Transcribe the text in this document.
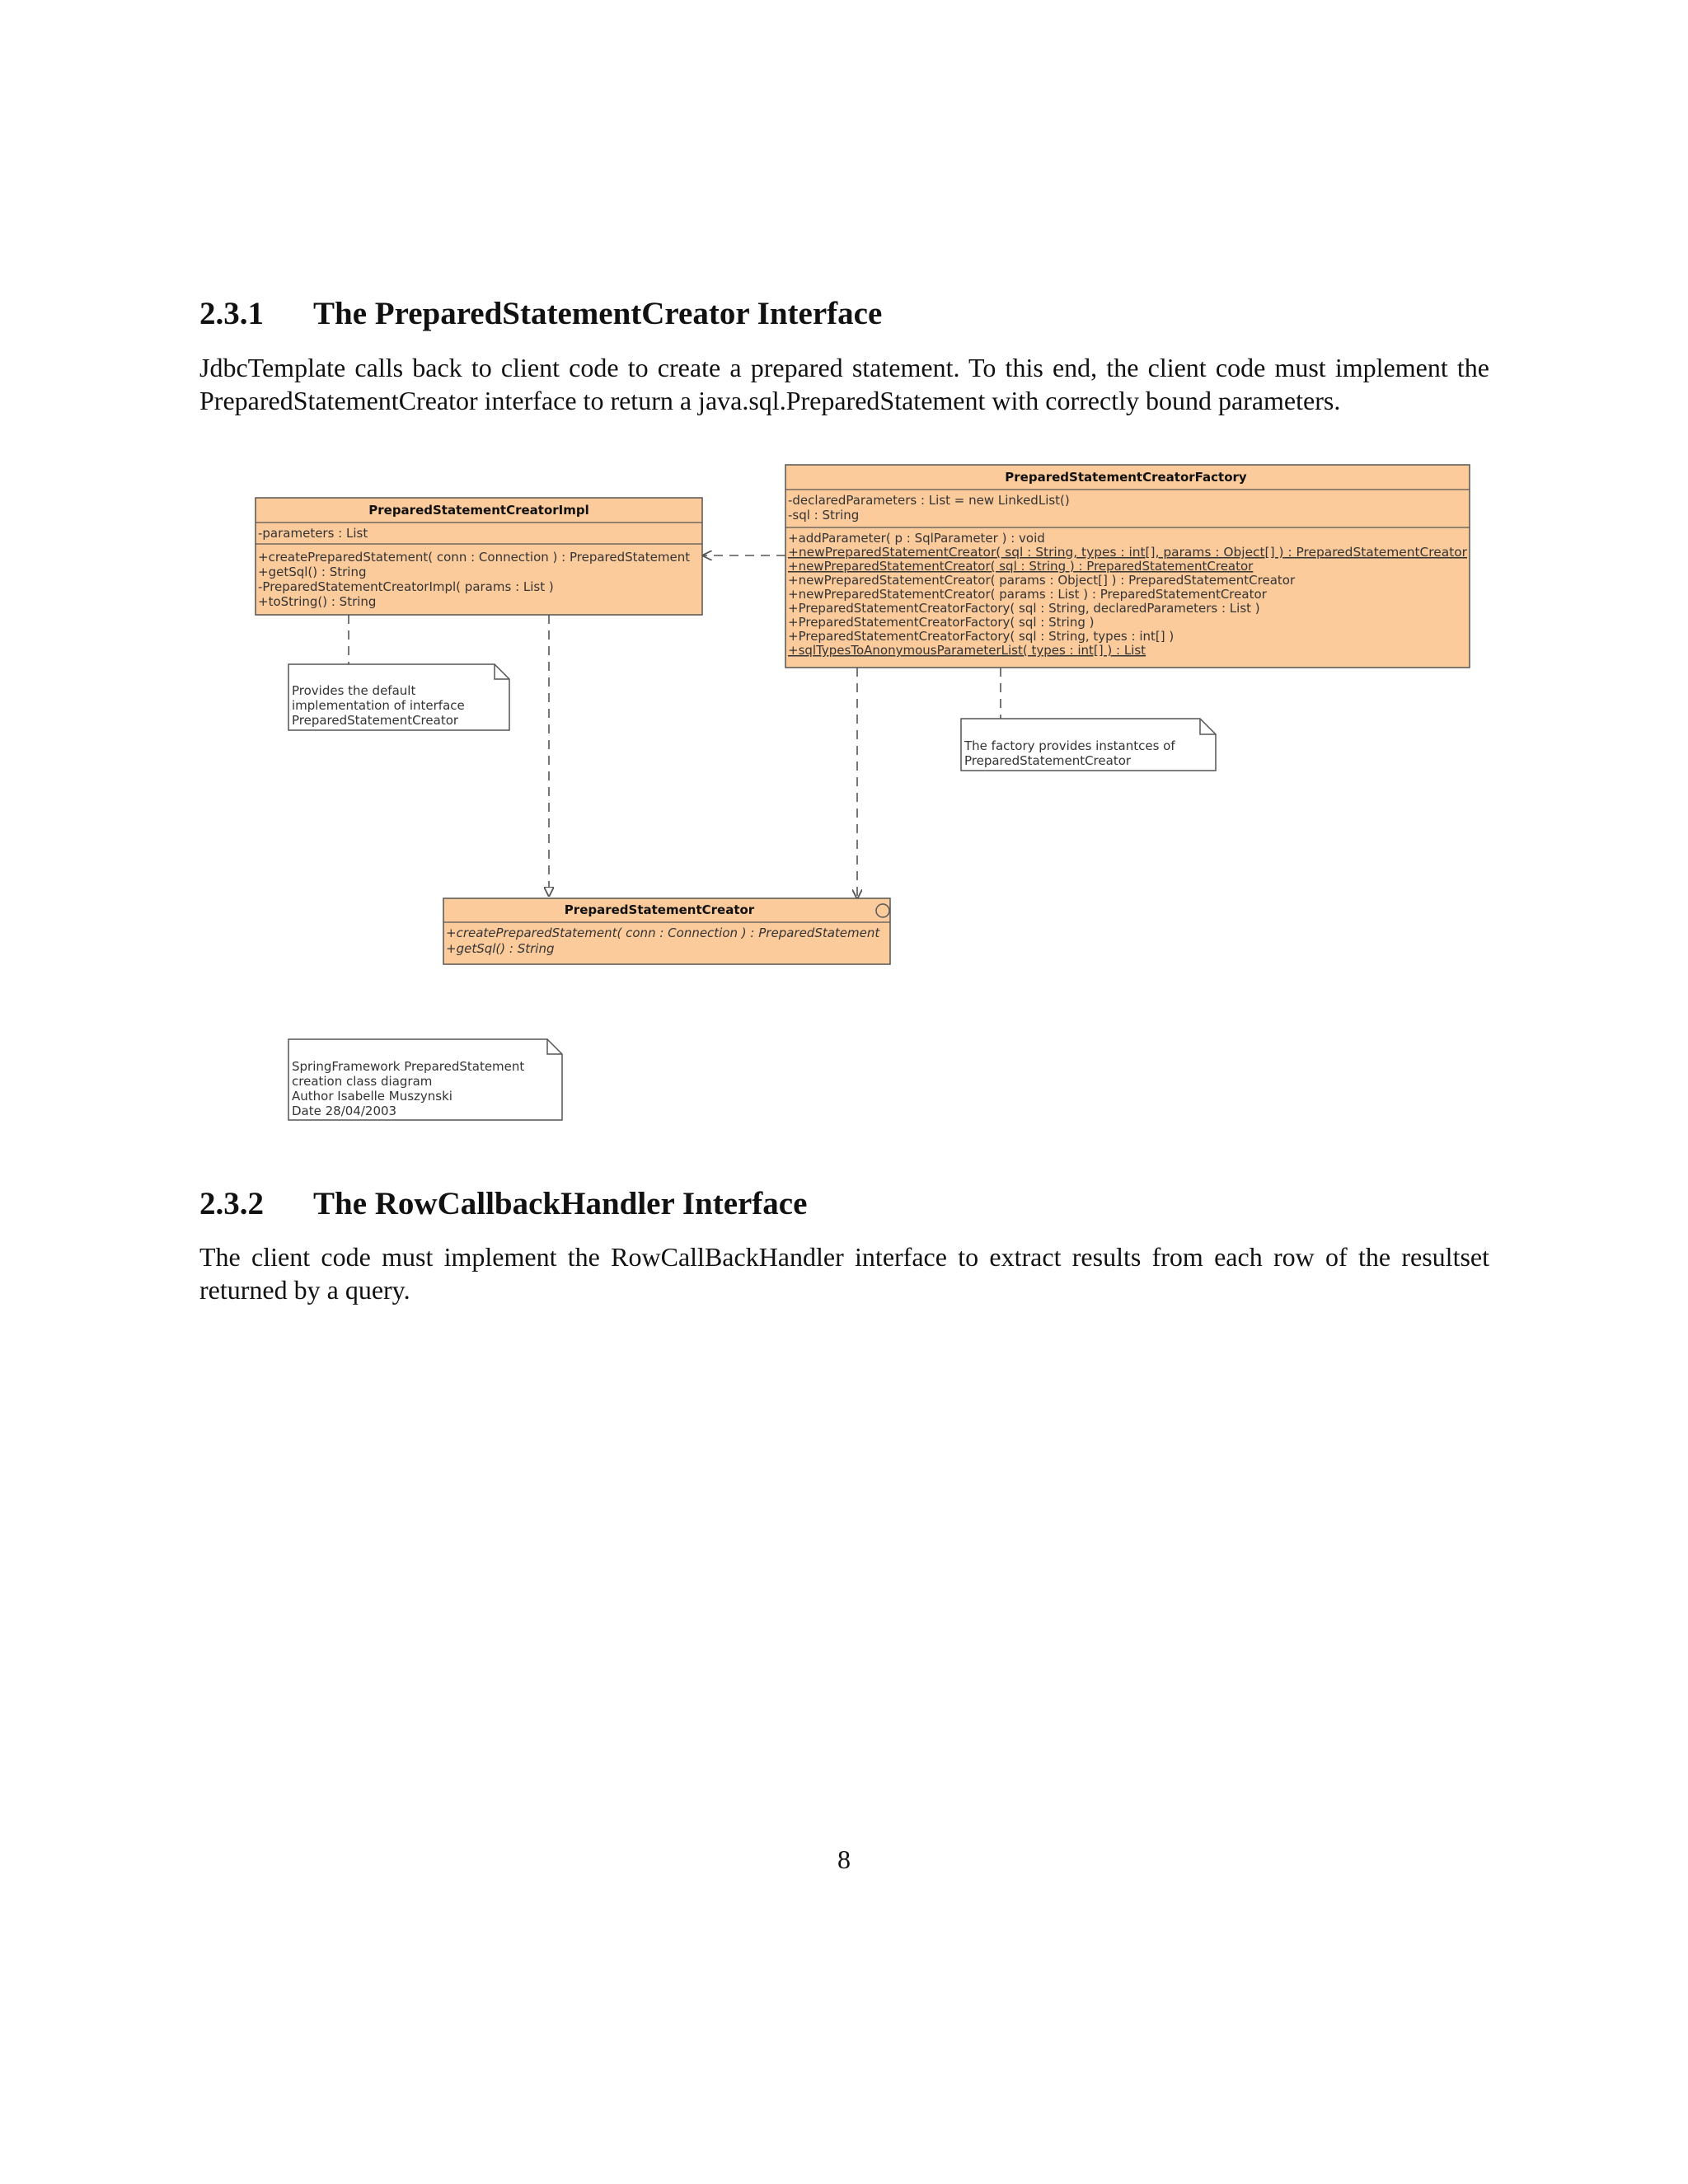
2.3.1 The PreparedStatementCreator Interface

JdbcTemplate calls back to client code to create a prepared statement. To this end, the client code must implement the PreparedStatementCreator interface to return a java.sql.PreparedStatement with correctly bound parameters.

PreparedStatementCreatorImpl
-parameters : List
+createPreparedStatement( conn : Connection ) : PreparedStatement
+getSql() : String
-PreparedStatementCreatorImpl( params : List )
+toString() : String
PreparedStatementCreatorFactory
-declaredParameters : List = new LinkedList()
-sql : String
+addParameter( p : SqlParameter ) : void
+newPreparedStatementCreator( sql : String, types : int[], params : Object[] ) : PreparedStatementCreator
+newPreparedStatementCreator( sql : String ) : PreparedStatementCreator
+newPreparedStatementCreator( params : Object[] ) : PreparedStatementCreator
+newPreparedStatementCreator( params : List ) : PreparedStatementCreator
+PreparedStatementCreatorFactory( sql : String, declaredParameters : List )
+PreparedStatementCreatorFactory( sql : String )
+PreparedStatementCreatorFactory( sql : String, types : int[] )
+sqlTypesToAnonymousParameterList( types : int[] ) : List
PreparedStatementCreator
+createPreparedStatement( conn : Connection ) : PreparedStatement
+getSql() : String
Provides the default
implementation of interface
PreparedStatementCreator
The factory provides instantces of
PreparedStatementCreator
SpringFramework PreparedStatement
creation class diagram
Author Isabelle Muszynski
Date 28/04/2003
2.3.2 The RowCallbackHandler Interface

The client code must implement the RowCallBackHandler interface to extract results from each row of the resultset returned by a query.

8
